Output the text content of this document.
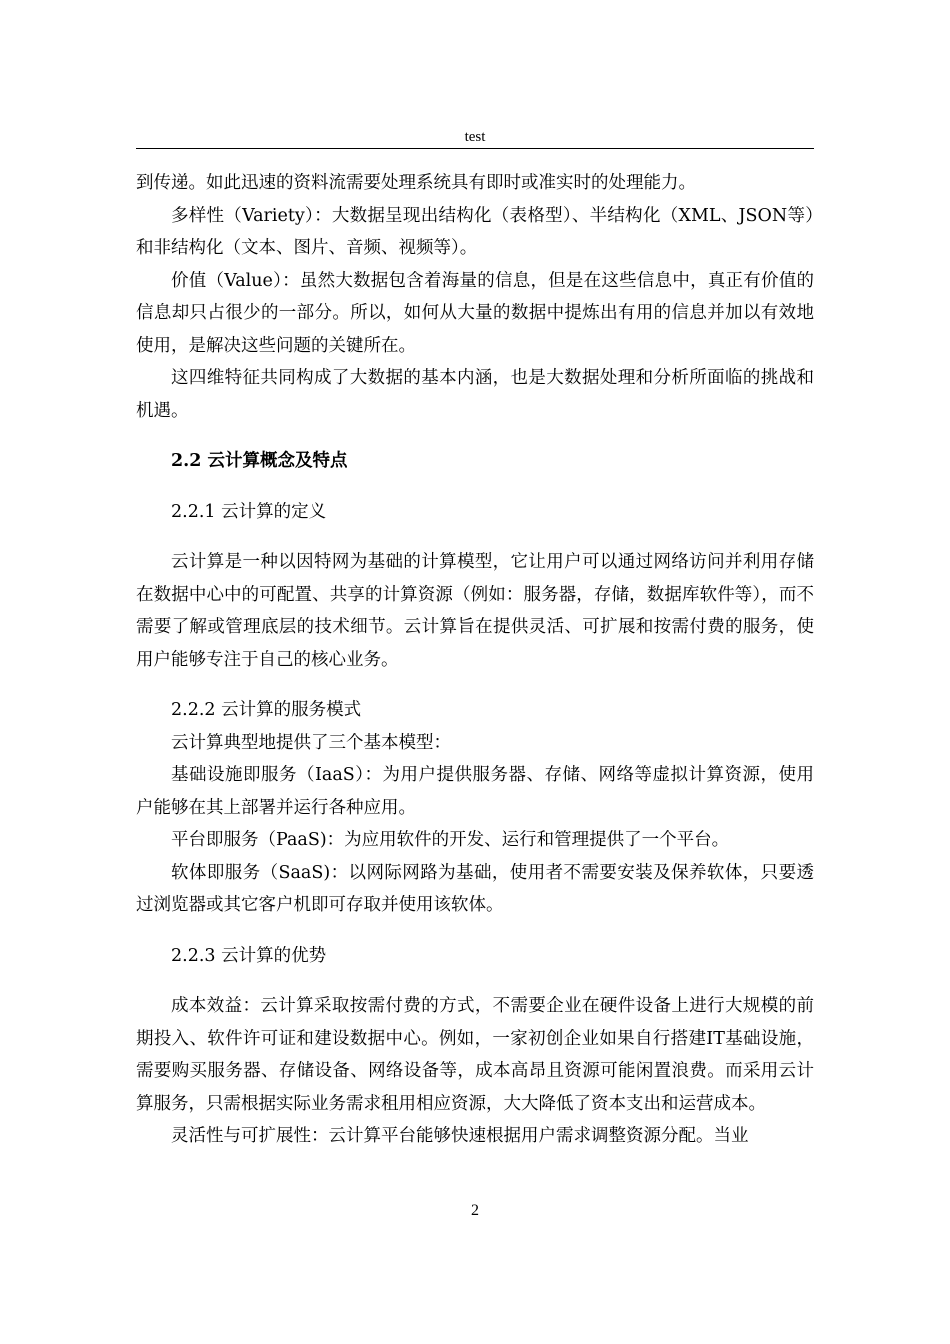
test

到传递。如此迅速的资料流需要处理系统具有即时或准实时的处理能力。

多样性（Variety）：大数据呈现出结构化（表格型）、半结构化（XML、JSON等）和非结构化（文本、图片、音频、视频等）。

价值（Value）：虽然大数据包含着海量的信息，但是在这些信息中，真正有价值的信息却只占很少的一部分。所以，如何从大量的数据中提炼出有用的信息并加以有效地使用，是解决这些问题的关键所在。

这四维特征共同构成了大数据的基本内涵，也是大数据处理和分析所面临的挑战和机遇。

2.2 云计算概念及特点
2.2.1 云计算的定义

云计算是一种以因特网为基础的计算模型，它让用户可以通过网络访问并利用存储在数据中心中的可配置、共享的计算资源（例如：服务器，存储，数据库软件等），而不需要了解或管理底层的技术细节。云计算旨在提供灵活、可扩展和按需付费的服务，使用户能够专注于自己的核心业务。

2.2.2 云计算的服务模式

云计算典型地提供了三个基本模型：

基础设施即服务（IaaS）：为用户提供服务器、存储、网络等虚拟计算资源，使用户能够在其上部署并运行各种应用。

平台即服务（PaaS)：为应用软件的开发、运行和管理提供了一个平台。

软体即服务（SaaS)：以网际网路为基础，使用者不需要安装及保养软体，只要透过浏览器或其它客户机即可存取并使用该软体。

2.2.3 云计算的优势

成本效益：云计算采取按需付费的方式，不需要企业在硬件设备上进行大规模的前期投入、软件许可证和建设数据中心。例如，一家初创企业如果自行搭建IT基础设施，需要购买服务器、存储设备、网络设备等，成本高昂且资源可能闲置浪费。而采用云计算服务，只需根据实际业务需求租用相应资源，大大降低了资本支出和运营成本。

灵活性与可扩展性：云计算平台能够快速根据用户需求调整资源分配。当业

2
